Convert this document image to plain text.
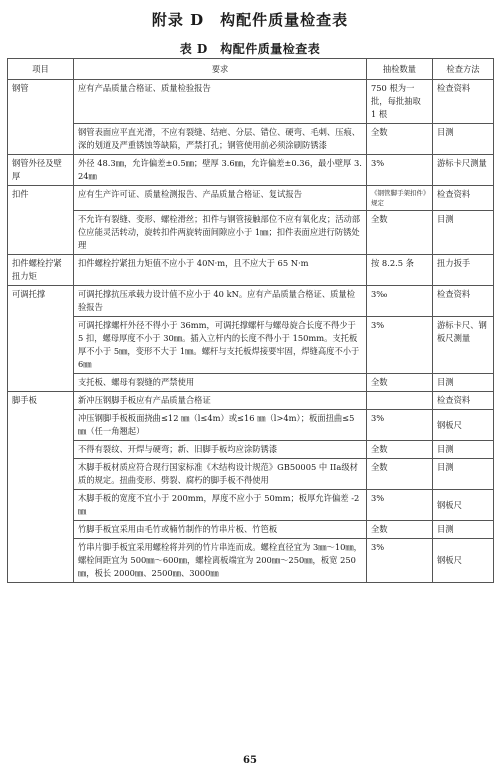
附录 D　构配件质量检查表
表 D　构配件质量检查表
项目	要求	抽检数量	检查方法
钢管	应有产品质量合格证、质量检验报告	750 根为一批，每批抽取 1 根	检查资料
	钢管表面应平直光滑，不应有裂缝、结疤、分层、错位、硬弯、毛刺、压痕、深的划道及严重锈蚀等缺陷，严禁打孔；钢管使用前必须涂刷防锈漆	全数	目测
钢管外径及壁厚	外径 48.3㎜，允许偏差±0.5㎜；壁厚 3.6㎜，允许偏差±0.36，最小壁厚 3.24㎜	3%	游标卡尺测量
扣件	应有生产许可证、质量检测报告、产品质量合格证、复试报告	《钢管脚手架扣件》规定	检查资料
	不允许有裂缝、变形、螺栓滑丝；扣件与钢管接触部位不应有氧化皮；活动部位应能灵活转动，旋转扣件两旋转面间隙应小于 1㎜；扣件表面应进行防锈处理	全数	目测
扣件螺栓拧紧扭力矩	扣件螺栓拧紧扭力矩值不应小于 40N·m，且不应大于 65 N·m	按 8.2.5 条	扭力扳手
可调托撑	可调托撑抗压承载力设计值不应小于 40 kN。应有产品质量合格证、质量检验报告	3‰	检查资料
	可调托撑螺杆外径不得小于 36mm，可调托撑螺杆与螺母旋合长度不得少于 5 扣，螺母厚度不小于 30㎜。插入立杆内的长度不得小于 150mm。支托板厚不小于 5㎜，变形不大于 1㎜。螺杆与支托板焊接要牢固，焊缝高度不小于 6㎜	3%	游标卡尺、钢板尺测量
	支托板、螺母有裂缝的严禁使用	全数	目测
脚手板	新冲压钢脚手板应有产品质量合格证		检查资料
	冲压钢脚手板板面挠曲≤12 ㎜（l≤4m）或≤16 ㎜（l>4m）；板面扭曲≤5㎜（任一角翘起）	3%	钢板尺
	不得有裂纹、开焊与硬弯；新、旧脚手板均应涂防锈漆	全数	目测
	木脚手板材质应符合现行国家标准《木结构设计规范》GB50005 中 IIa级材质的规定。扭曲变形、劈裂、腐朽的脚手板不得使用	全数	目测
	木脚手板的宽度不宜小于 200mm，厚度不应小于 50mm；板厚允许偏差 -2 ㎜	3%	钢板尺
	竹脚手板宜采用由毛竹或楠竹制作的竹串片板、竹笆板	全数	目测
	竹串片脚手板宜采用螺栓将并列的竹片串连而成。螺栓直径宜为 3㎜～10㎜，螺栓间距宜为 500㎜～600㎜，螺栓离板端宜为 200㎜～250㎜，板宽 250㎜，板长 2000㎜、2500㎜、3000㎜	3%	钢板尺
65
